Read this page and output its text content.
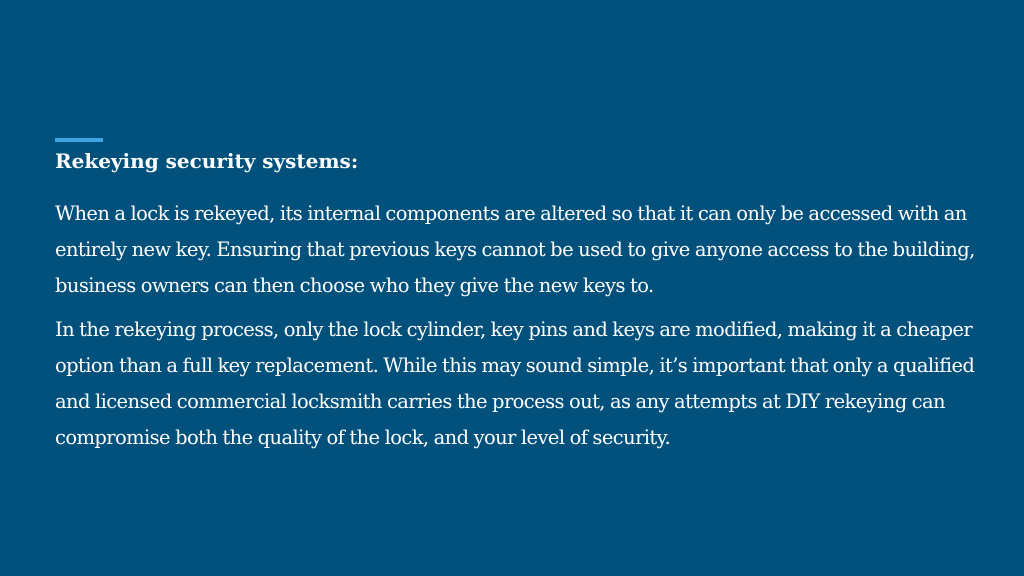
Rekeying security systems:

When a lock is rekeyed, its internal components are altered so that it can only be accessed with an entirely new key. Ensuring that previous keys cannot be used to give anyone access to the building, business owners can then choose who they give the new keys to.

In the rekeying process, only the lock cylinder, key pins and keys are modified, making it a cheaper option than a full key replacement. While this may sound simple, it’s important that only a qualified and licensed commercial locksmith carries the process out, as any attempts at DIY rekeying can compromise both the quality of the lock, and your level of security.
